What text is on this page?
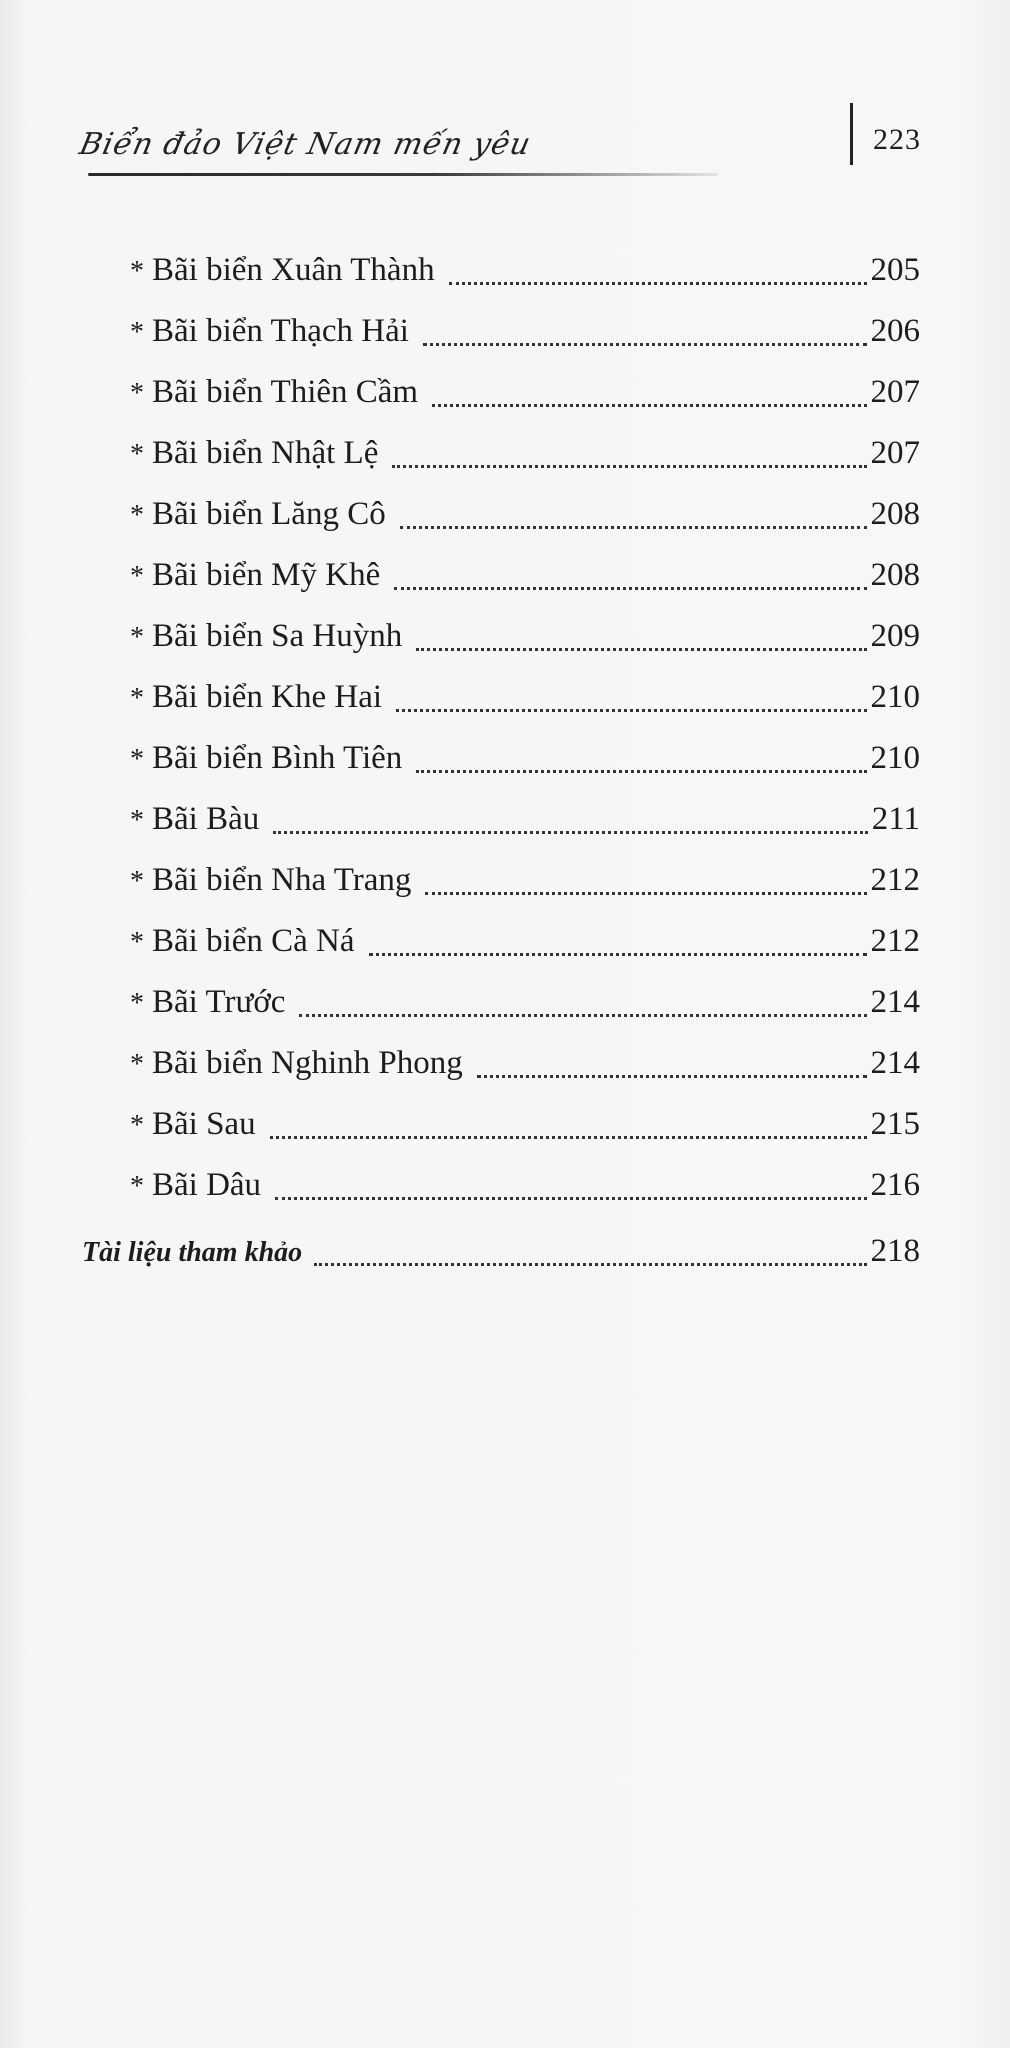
Biển đảo Việt Nam mến yêu	223
* Bãi biển Xuân Thành	205
* Bãi biển Thạch Hải	206
* Bãi biển Thiên Cầm	207
* Bãi biển Nhật Lệ	207
* Bãi biển Lăng Cô	208
* Bãi biển Mỹ Khê	208
* Bãi biển Sa Huỳnh	209
* Bãi biển Khe Hai	210
* Bãi biển Bình Tiên	210
* Bãi Bàu	211
* Bãi biển Nha Trang	212
* Bãi biển Cà Ná	212
* Bãi Trước	214
* Bãi biển Nghinh Phong	214
* Bãi Sau	215
* Bãi Dâu	216
Tài liệu tham khảo	218
